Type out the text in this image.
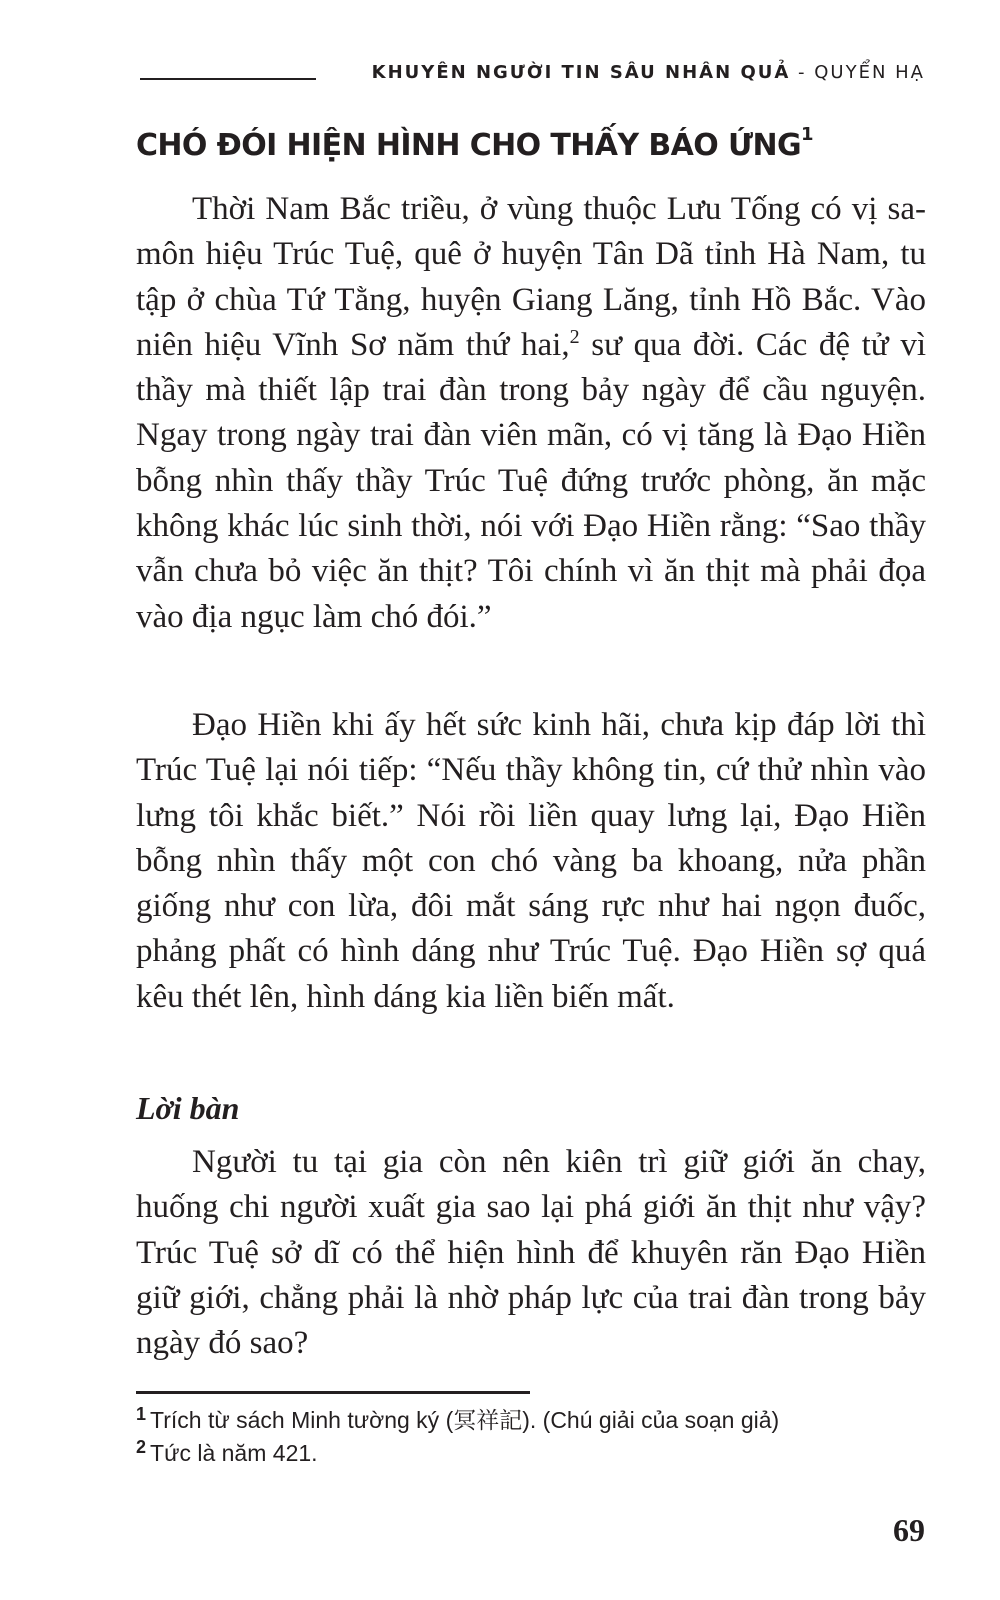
KHUYÊN NGƯỜI TIN SÂU NHÂN QUẢ - QUYỂN HẠ
CHÓ ĐÓI HIỆN HÌNH CHO THẤY BÁO ỨNG$^1$

Thời Nam Bắc triều, ở vùng thuộc Lưu Tống có vị sa-môn hiệu Trúc Tuệ, quê ở huyện Tân Dã tỉnh Hà Nam, tu tập ở chùa Tứ Tằng, huyện Giang Lăng, tỉnh Hồ Bắc. Vào niên hiệu Vĩnh Sơ năm thứ hai,$^2$ sư qua đời. Các đệ tử vì thầy mà thiết lập trai đàn trong bảy ngày để cầu nguyện. Ngay trong ngày trai đàn viên mãn, có vị tăng là Đạo Hiền bỗng nhìn thấy thầy Trúc Tuệ đứng trước phòng, ăn mặc không khác lúc sinh thời, nói với Đạo Hiền rằng: “Sao thầy vẫn chưa bỏ việc ăn thịt? Tôi chính vì ăn thịt mà phải đọa vào địa ngục làm chó đói.”

Đạo Hiền khi ấy hết sức kinh hãi, chưa kịp đáp lời thì Trúc Tuệ lại nói tiếp: “Nếu thầy không tin, cứ thử nhìn vào lưng tôi khắc biết.” Nói rồi liền quay lưng lại, Đạo Hiền bỗng nhìn thấy một con chó vàng ba khoang, nửa phần giống như con lừa, đôi mắt sáng rực như hai ngọn đuốc, phảng phất có hình dáng như Trúc Tuệ. Đạo Hiền sợ quá kêu thét lên, hình dáng kia liền biến mất.

Lời bàn

Người tu tại gia còn nên kiên trì giữ giới ăn chay, huống chi người xuất gia sao lại phá giới ăn thịt như vậy? Trúc Tuệ sở dĩ có thể hiện hình để khuyên răn Đạo Hiền giữ giới, chẳng phải là nhờ pháp lực của trai đàn trong bảy ngày đó sao?

$^1$ Trích từ sách Minh tường ký (冥祥記). (Chú giải của soạn giả)
$^2$ Tức là năm 421.
69
